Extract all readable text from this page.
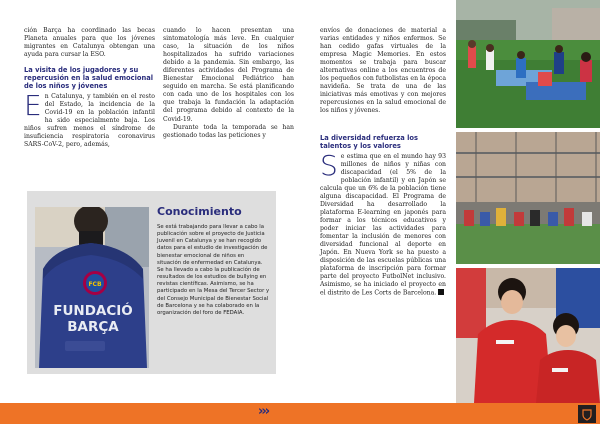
ción Barça ha coordinado las becas Planeta anuales para que los jóvenes migrantes en Catalunya obtengan una ayuda para cursar la ESO.

La visita de los jugadores y su repercusión en la salud emocional de los niños y jóvenes

En Catalunya, y también en el resto del Estado, la incidencia de la Covid-19 en la población infantil ha sido especialmente baja. Los niños sufren menos el síndrome de insuficiencia respiratoria coronavirus SARS-CoV-2, pero, además,

cuando lo hacen presentan una sintomatología más leve. En cualquier caso, la situación de los niños hospitalizados ha sufrido variaciones debido a la pandemia. Sin embargo, las diferentes actividades del Programa de Bienestar Emocional Pediátrico han seguido en marcha. Se está planificando con cada uno de los hospitales con los que trabaja la fundación la adaptación del programa debido al contexto de la Covid-19.

Durante toda la temporada se han gestionado todas las peticiones y

envíos de donaciones de material a varias entidades y niños enfermos. Se han cedido gafas virtuales de la empresa Magic Memories. En estos momentos se trabaja para buscar alternativas online a los encuentros de los pequeños con futbolistas en la época navideña. Se trata de una de las iniciativas más emotivas y con mejores repercusiones en la salud emocional de los niños y jóvenes.

La diversidad refuerza los talentos y los valores

Se estima que en el mundo hay 93 millones de niños y niñas con discapacidad (el 5% de la población infantil) y en Japón se calcula que un 6% de la población tiene alguna discapacidad. El Programa de Diversidad ha desarrollado la plataforma E-learning en japonés para formar a los técnicos educativos y poder iniciar las actividades para fomentar la inclusión de menores con diversidad funcional al deporte en Japón. En Nueva York se ha puesto a disposición de las escuelas públicas una plataforma de inscripción para formar parte del proyecto FutbolNet inclusivo. Asimismo, se ha iniciado el proyecto en el distrito de Les Corts de Barcelona.

FCB
FUNDACIÓ
BARÇA
Conocimiento
Se está trabajando para llevar a cabo la publicación sobre el proyecto de Justicia Juvenil en Catalunya y se han recogido datos para el estudio de investigación de bienestar emocional de niños en situación de enfermedad en Catalunya. Se ha llevado a cabo la publicación de resultados de los estudios de bullying en revistas científicas. Asimismo, se ha participado en la Mesa del Tercer Sector y del Consejo Municipal de Bienestar Social de Barcelona y se ha colaborado en la organización del foro de FEDAIA.
›››
